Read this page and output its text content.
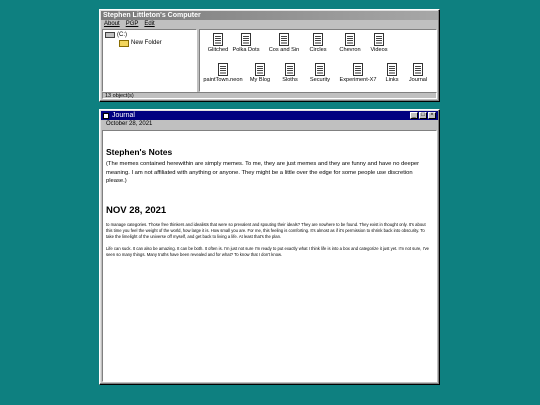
Stephen Littleton's Computer
About PGP Edit
(C:)
New Folder
Glitched Polka Dots Cos and Sin Circles Chevron Videos
paintTown.neon My Blog Sloths Security Experiment-X7 Links Journal
13 object(s)
Journal	_ □ ×
October 28, 2021
Stephen's Notes

(The memes contained herewithin are simply memes. To me, they are just memes and they are funny and have no deeper meaning. I am not affiliated with anything or anyone. They might be a little over the edge for some people use discretion please.)

NOV 28, 2021

to manage categories. Those free thinkers and idealists that were so prevalent and spouting their ideals? They are nowhere to be found. They exist in thought only. It's about this time you feel the weight of the world, how large it is. How small you are. For me, this feeling is comforting. It's almost as if it's permission to shrink back into obscurity. To take the limelight of the universe off myself, and get back to living a life. At least that's the plan.

Life can suck. It can also be amazing. It can be both. It often is. I'm just not sure I'm ready to put exactly what I think life is into a box and categorize it just yet. I'm not sure, I've seen so many things. Many truths have been revealed and for what? To know that I don't know.
